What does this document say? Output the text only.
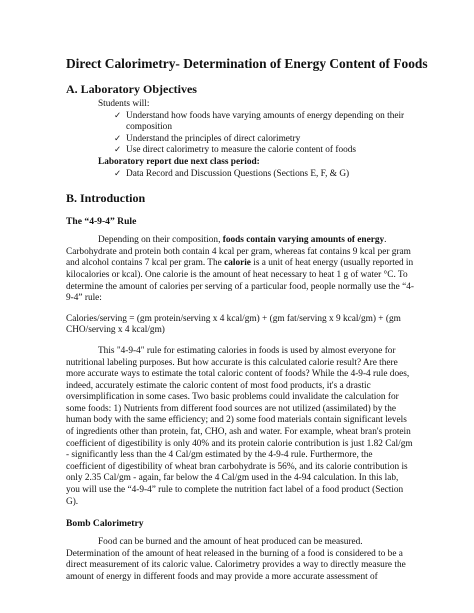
Direct Calorimetry- Determination of Energy Content of Foods
A. Laboratory Objectives
Students will:
✓ Understand how foods have varying amounts of energy depending on their composition
✓ Understand the principles of direct calorimetry
✓ Use direct calorimetry to measure the calorie content of foods
Laboratory report due next class period:
✓ Data Record and Discussion Questions (Sections E, F, & G)
B. Introduction
The “4-9-4” Rule

Depending on their composition, foods contain varying amounts of energy. Carbohydrate and protein both contain 4 kcal per gram, whereas fat contains 9 kcal per gram and alcohol contains 7 kcal per gram. The calorie is a unit of heat energy (usually reported in kilocalories or kcal). One calorie is the amount of heat necessary to heat 1 g of water °C. To determine the amount of calories per serving of a particular food, people normally use the “4-9-4” rule:

Calories/serving = (gm protein/serving x 4 kcal/gm) + (gm fat/serving x 9 kcal/gm) + (gm CHO/serving x 4 kcal/gm)

This "4-9-4" rule for estimating calories in foods is used by almost everyone for nutritional labeling purposes. But how accurate is this calculated calorie result? Are there more accurate ways to estimate the total caloric content of foods? While the 4-9-4 rule does, indeed, accurately estimate the caloric content of most food products, it's a drastic oversimplification in some cases. Two basic problems could invalidate the calculation for some foods: 1) Nutrients from different food sources are not utilized (assimilated) by the human body with the same efficiency; and 2) some food materials contain significant levels of ingredients other than protein, fat, CHO, ash and water. For example, wheat bran's protein coefficient of digestibility is only 40% and its protein calorie contribution is just 1.82 Cal/gm - significantly less than the 4 Cal/gm estimated by the 4-9-4 rule. Furthermore, the coefficient of digestibility of wheat bran carbohydrate is 56%, and its calorie contribution is only 2.35 Cal/gm - again, far below the 4 Cal/gm used in the 4-94 calculation. In this lab, you will use the “4-9-4” rule to complete the nutrition fact label of a food product (Section G).

Bomb Calorimetry

Food can be burned and the amount of heat produced can be measured. Determination of the amount of heat released in the burning of a food is considered to be a direct measurement of its caloric value. Calorimetry provides a way to directly measure the amount of energy in different foods and may provide a more accurate assessment of
